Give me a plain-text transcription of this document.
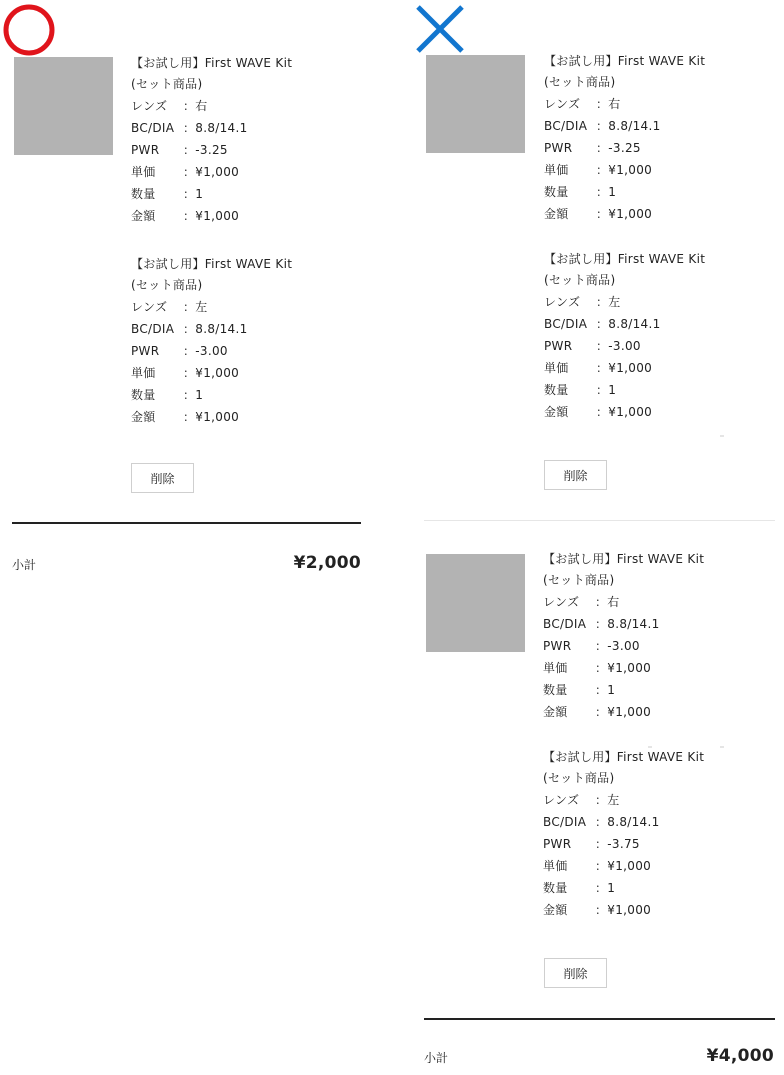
【お試し用】First WAVE Kit
(セット商品)
レンズ	：右
BC/DIA ：8.8/14.1
PWR	：-3.25
単価	：¥1,000
数量	：1
金額	：¥1,000
【お試し用】First WAVE Kit
(セット商品)
レンズ	：左
BC/DIA ：8.8/14.1
PWR	：-3.00
単価	：¥1,000
数量	：1
金額	：¥1,000
削除
小計	¥2,000
【お試し用】First WAVE Kit
(セット商品)
レンズ	：右
BC/DIA ：8.8/14.1
PWR	：-3.25
単価	：¥1,000
数量	：1
金額	：¥1,000
【お試し用】First WAVE Kit
(セット商品)
レンズ	：左
BC/DIA ：8.8/14.1
PWR	：-3.00
単価	：¥1,000
数量	：1
金額	：¥1,000
削除
【お試し用】First WAVE Kit
(セット商品)
レンズ	：右
BC/DIA ：8.8/14.1
PWR	：-3.00
単価	：¥1,000
数量	：1
金額	：¥1,000
【お試し用】First WAVE Kit
(セット商品)
レンズ	：左
BC/DIA ：8.8/14.1
PWR	：-3.75
単価	：¥1,000
数量	：1
金額	：¥1,000
削除
小計	¥4,000
